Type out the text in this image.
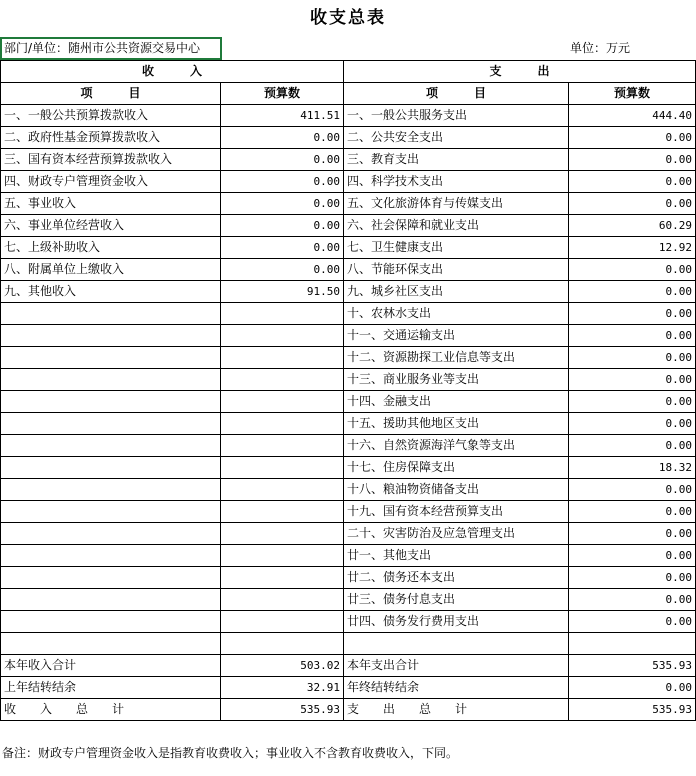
收支总表
部门/单位：随州市公共资源交易中心	单位：万元
收　　　入		支　　　出	
项　　　目	预算数	项　　　目	预算数
一、一般公共预算拨款收入	411.51	一、一般公共服务支出	444.40
二、政府性基金预算拨款收入	0.00	二、公共安全支出	0.00
三、国有资本经营预算拨款收入	0.00	三、教育支出	0.00
四、财政专户管理资金收入	0.00	四、科学技术支出	0.00
五、事业收入	0.00	五、文化旅游体育与传媒支出	0.00
六、事业单位经营收入	0.00	六、社会保障和就业支出	60.29
七、上级补助收入	0.00	七、卫生健康支出	12.92
八、附属单位上缴收入	0.00	八、节能环保支出	0.00
九、其他收入	91.50	九、城乡社区支出	0.00
		十、农林水支出	0.00
		十一、交通运输支出	0.00
		十二、资源勘探工业信息等支出	0.00
		十三、商业服务业等支出	0.00
		十四、金融支出	0.00
		十五、援助其他地区支出	0.00
		十六、自然资源海洋气象等支出	0.00
		十七、住房保障支出	18.32
		十八、粮油物资储备支出	0.00
		十九、国有资本经营预算支出	0.00
		二十、灾害防治及应急管理支出	0.00
		廿一、其他支出	0.00
		廿二、债务还本支出	0.00
		廿三、债务付息支出	0.00
		廿四、债务发行费用支出	0.00

本年收入合计	503.02	本年支出合计	535.93
上年结转结余	32.91	年终结转结余	0.00
收　　入　　总　　计	535.93	支　　出　　总　　计	535.93
备注：财政专户管理资金收入是指教育收费收入；事业收入不含教育收费收入，下同。
